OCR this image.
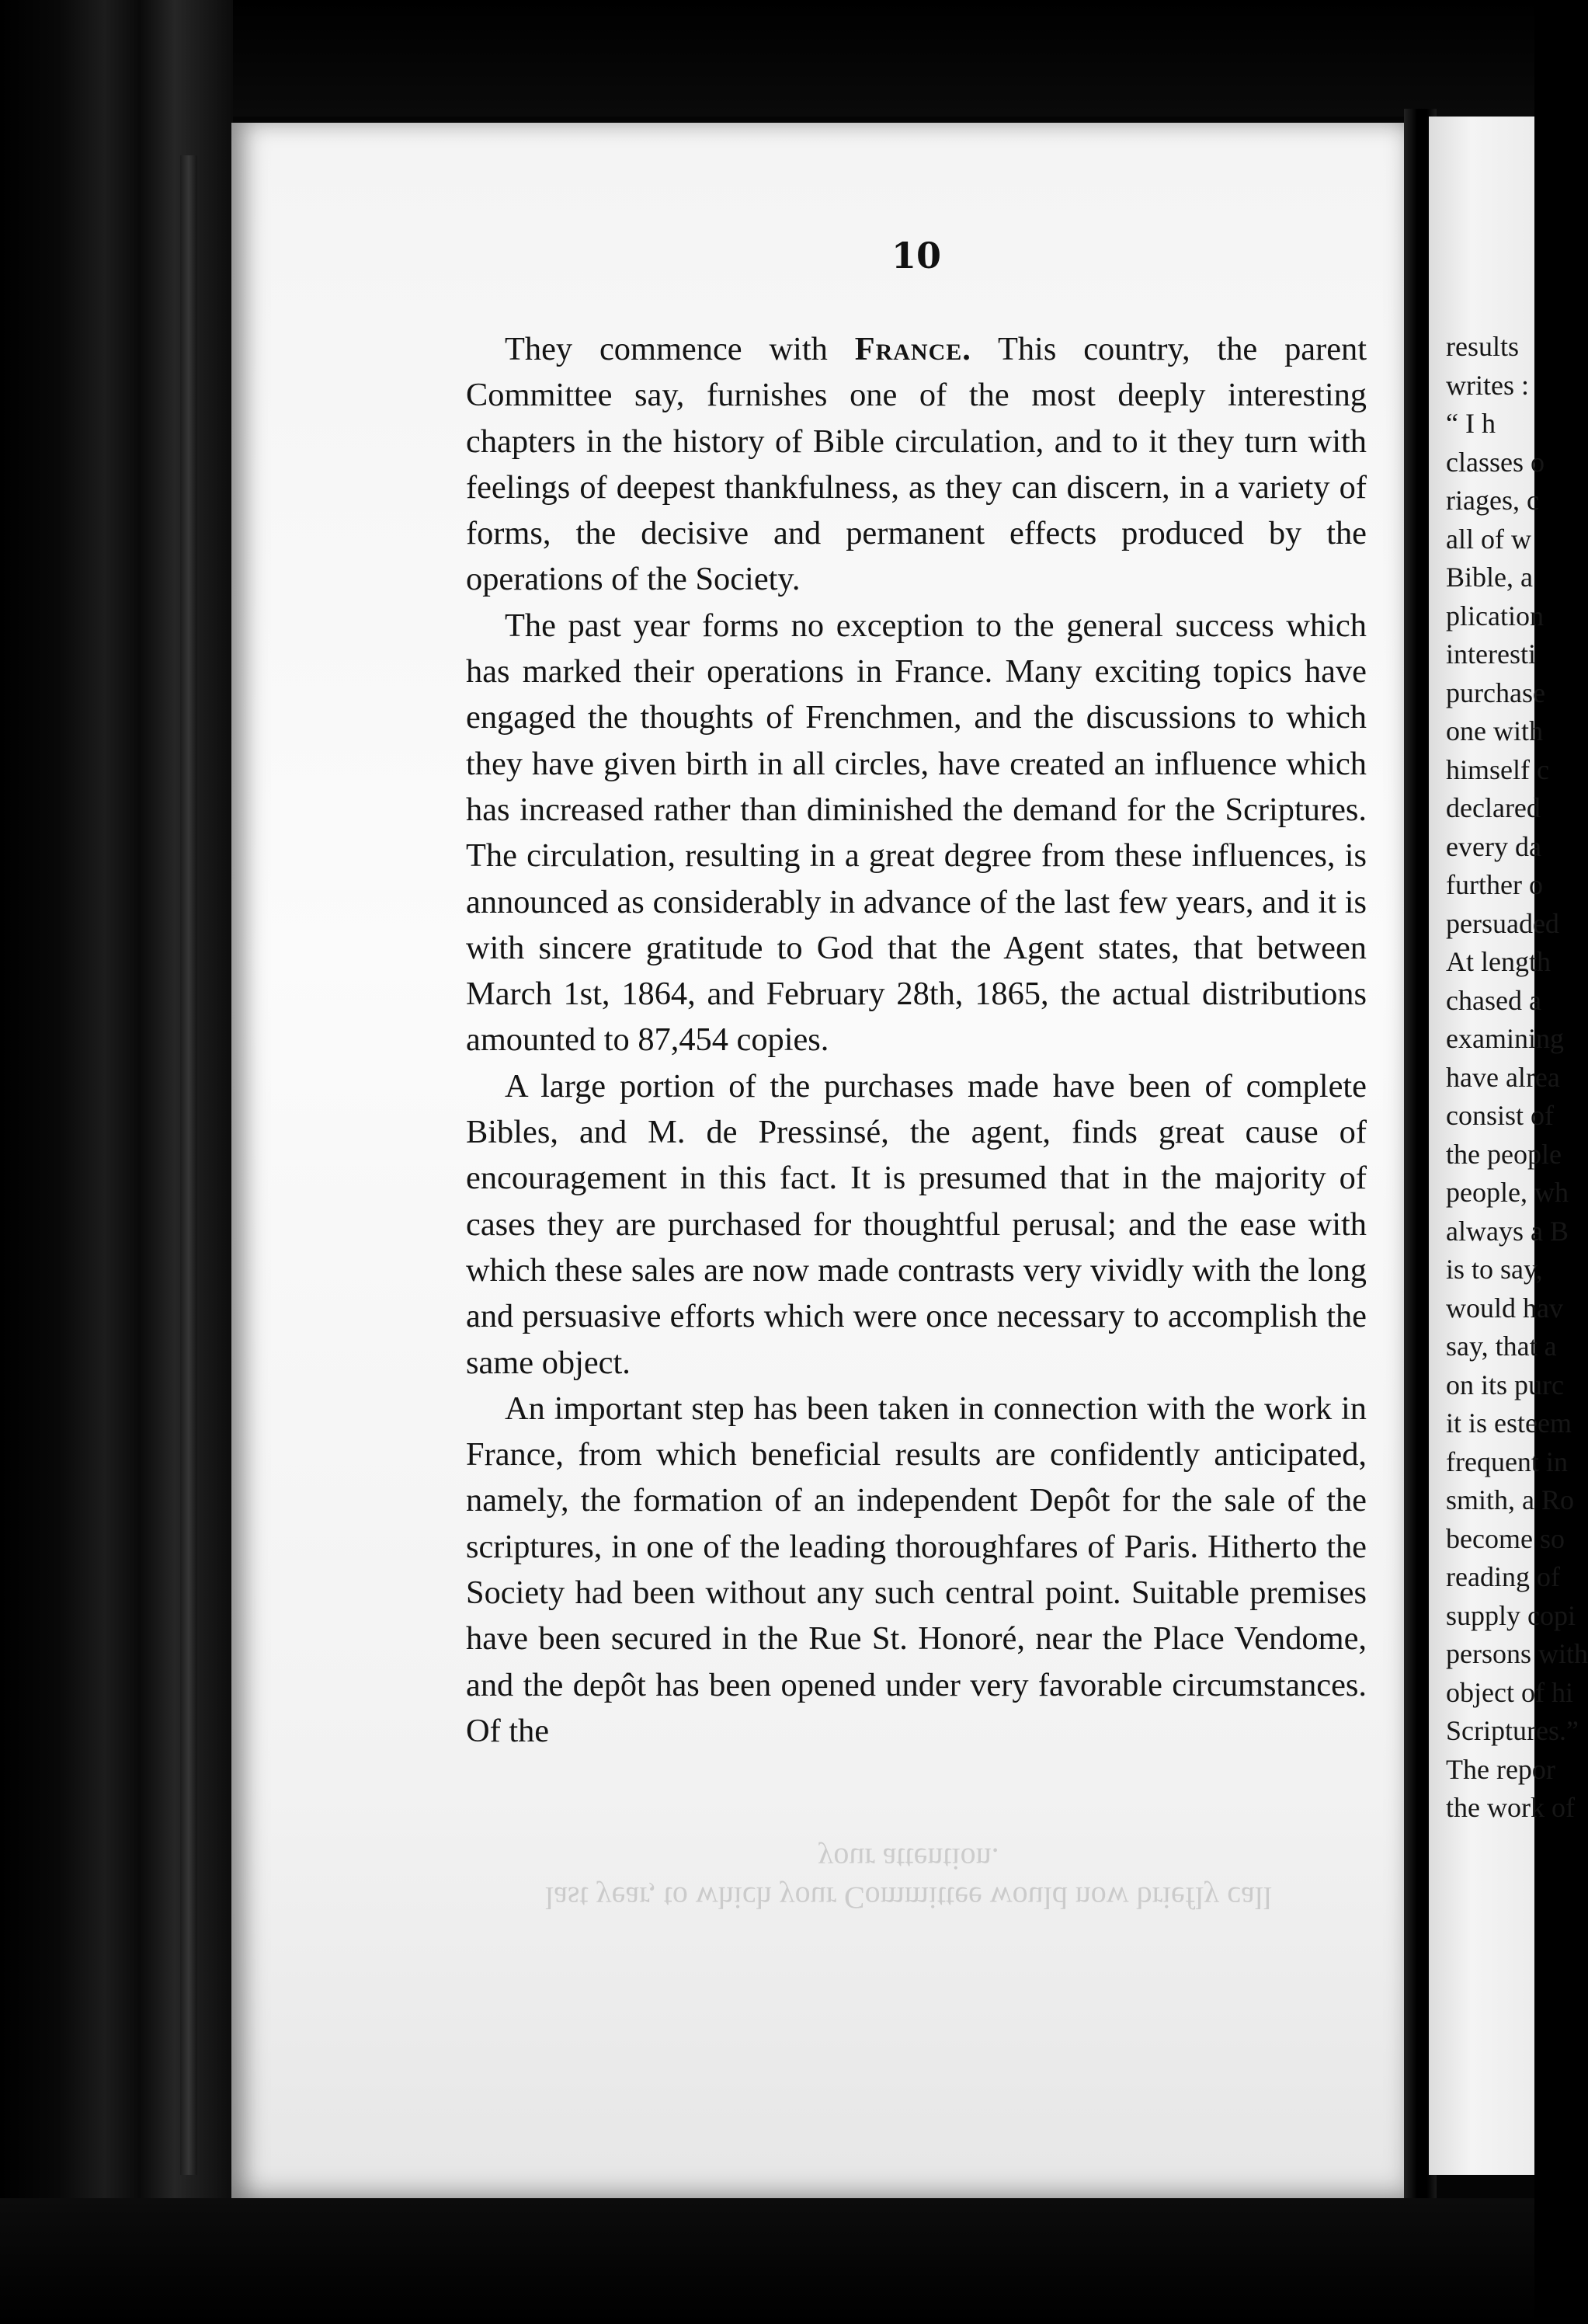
10

They commence with France. This country, the parent Committee say, furnishes one of the most deeply interesting chapters in the history of Bible circulation, and to it they turn with feelings of deepest thankfulness, as they can discern, in a variety of forms, the decisive and permanent effects produced by the operations of the Society.

The past year forms no exception to the general success which has marked their operations in France. Many exciting topics have engaged the thoughts of Frenchmen, and the discussions to which they have given birth in all circles, have created an influence which has increased rather than diminished the demand for the Scriptures. The circulation, resulting in a great degree from these influences, is announced as considerably in advance of the last few years, and it is with sincere gratitude to God that the Agent states, that between March 1st, 1864, and February 28th, 1865, the actual distributions amounted to 87,454 copies.

A large portion of the purchases made have been of complete Bibles, and M. de Pressinsé, the agent, finds great cause of encouragement in this fact. It is presumed that in the majority of cases they are purchased for thoughtful perusal; and the ease with which these sales are now made contrasts very vividly with the long and persuasive efforts which were once necessary to accomplish the same object.

An important step has been taken in connection with the work in France, from which beneficial results are confidently anticipated, namely, the formation of an independent Depôt for the sale of the scriptures, in one of the leading thoroughfares of Paris. Hitherto the Society had been without any such central point. Suitable premises have been secured in the Rue St. Honoré, near the Place Vendome, and the depôt has been opened under very favorable circumstances. Of the

last year, to which your Committee would now briefly call
your attention.
results
writes :
“ I h
classes o
riages, c
all of w
Bible, a
plication
interesti
purchase
one with
himself c
declared
every da
further o
persuaded
At length
chased a
examining
have alrea
consist of
the people
people, wh
always a B
is to say,
would hav
say, that a
on its purc
it is esteem
frequent in
smith, a Ro
become so
reading of
supply copi
persons with
object of hi
Scriptures.”
The repor
the work of
